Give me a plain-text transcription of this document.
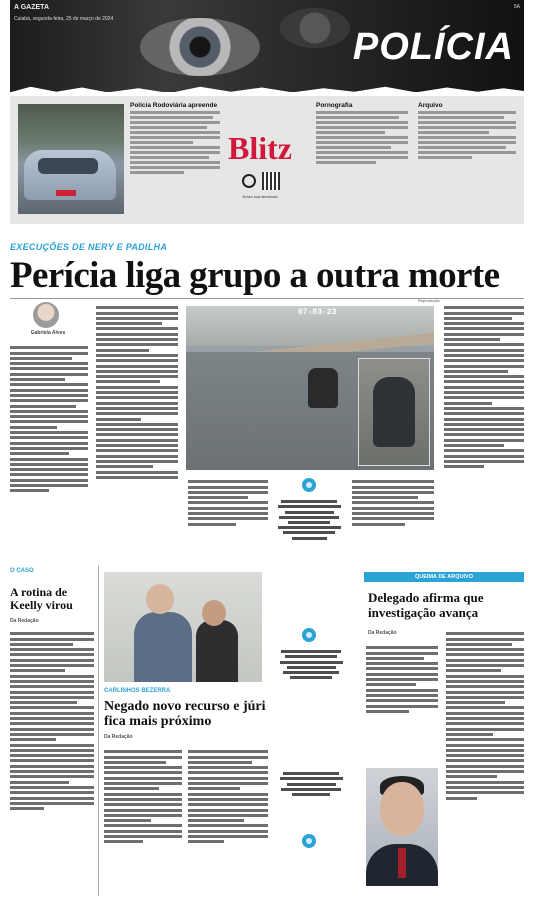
A GAZETA
Cuiabá, segunda-feira, 25 de março de 2024
5A
POLÍCIA
Polícia Rodoviária apreende
Blitz
Envie sua denúncia
Pornografia	Arquivo
EXECUÇÕES DE NERY E PADILHA
Perícia liga grupo a outra morte
Gabriela Alves
07-03-23
Reprodução
O CASO
A rotina de Keelly virou
Da Redação
CARLINHOS BEZERRA
Negado novo recurso e júri fica mais próximo
Da Redação
QUEIMA DE ARQUIVO
Delegado afirma que investigação avança
Da Redação
